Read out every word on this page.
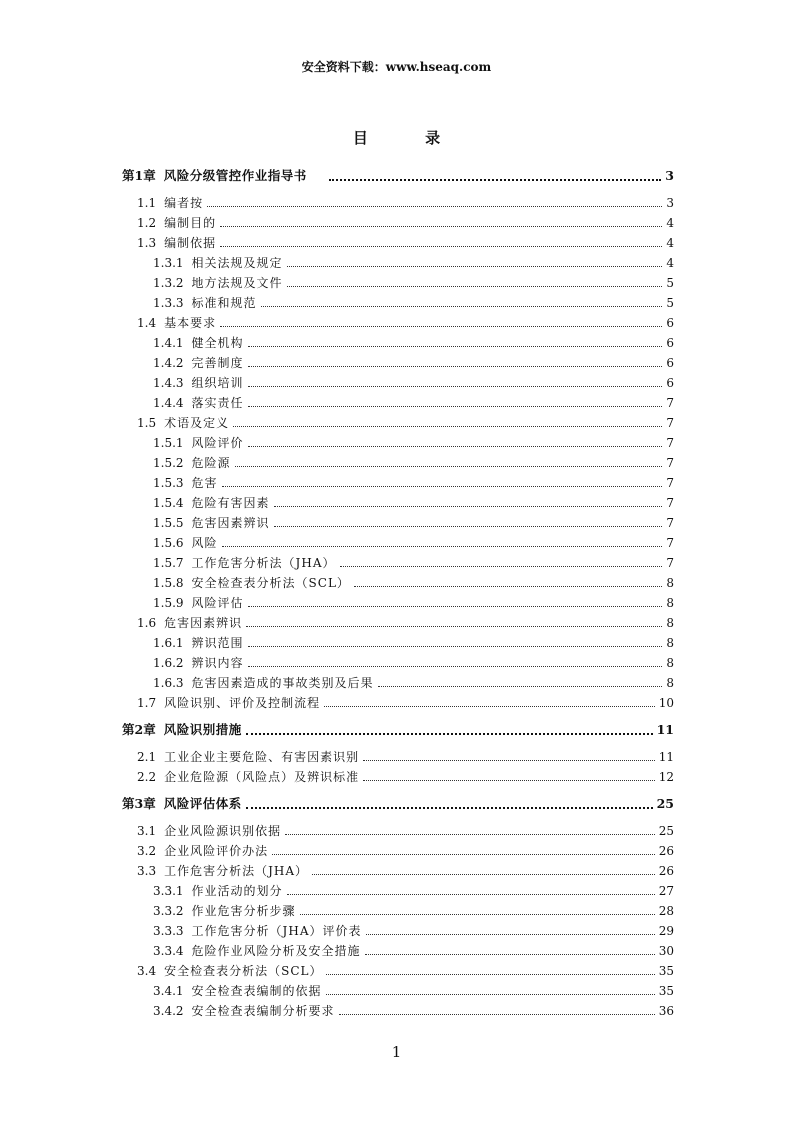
安全资料下载：www.hseaq.com
目 录
第1章 风险分级管控作业指导书	3
1.1 编者按	3
1.2 编制目的	4
1.3 编制依据	4
1.3.1 相关法规及规定	4
1.3.2 地方法规及文件	5
1.3.3 标准和规范	5
1.4 基本要求	6
1.4.1 健全机构	6
1.4.2 完善制度	6
1.4.3 组织培训	6
1.4.4 落实责任	7
1.5 术语及定义	7
1.5.1 风险评价	7
1.5.2 危险源	7
1.5.3 危害	7
1.5.4 危险有害因素	7
1.5.5 危害因素辨识	7
1.5.6 风险	7
1.5.7 工作危害分析法（JHA）	7
1.5.8 安全检查表分析法（SCL）	8
1.5.9 风险评估	8
1.6 危害因素辨识	8
1.6.1 辨识范围	8
1.6.2 辨识内容	8
1.6.3 危害因素造成的事故类别及后果	8
1.7 风险识别、评价及控制流程	10
第2章 风险识别措施	11
2.1 工业企业主要危险、有害因素识别	11
2.2 企业危险源（风险点）及辨识标准	12
第3章 风险评估体系	25
3.1 企业风险源识别依据	25
3.2 企业风险评价办法	26
3.3 工作危害分析法（JHA）	26
3.3.1 作业活动的划分	27
3.3.2 作业危害分析步骤	28
3.3.3 工作危害分析（JHA）评价表	29
3.3.4 危险作业风险分析及安全措施	30
3.4 安全检查表分析法（SCL）	35
3.4.1 安全检查表编制的依据	35
3.4.2 安全检查表编制分析要求	36
1
